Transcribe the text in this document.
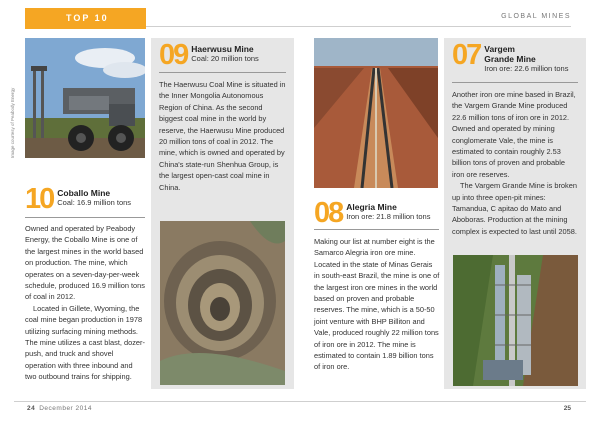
TOP 10	GLOBAL MINES
Image courtesy of Peabody Energy
10 Coballo Mine
Coal: 16.9 million tons

Owned and operated by Peabody Energy, the Coballo Mine is one of the largest mines in the world based on production. The mine, which operates on a seven-day-per-week schedule, produced 16.9 million tons of coal in 2012.

Located in Gillete, Wyoming, the coal mine began production in 1978 utilizing surfacing mining methods. The mine utilizes a cast blast, dozer-push, and truck and shovel operation with three inbound and two outbound trains for shipping.

09 Haerwusu Mine
Coal: 20 million tons

The Haerwusu Coal Mine is situated in the Inner Mongolia Autonomous Region of China. As the second biggest coal mine in the world by reserve, the Haerwusu Mine produced 20 million tons of coal in 2012. The mine, which is owned and operated by China's state-run Shenhua Group, is the largest open-cast coal mine in China.

08 Alegria Mine
Iron ore: 21.8 million tons

Making our list at number eight is the Samarco Alegria iron ore mine. Located in the state of Minas Gerais in south-east Brazil, the mine is one of the largest iron ore mines in the world based on proven and probable reserves. The mine, which is a 50-50 joint venture with BHP Billiton and Vale, produced roughly 22 million tons of iron ore in 2012. The mine is estimated to contain 1.89 billion tons of iron ore.

07 Vargem Grande Mine
Iron ore: 22.6 million tons

Another iron ore mine based in Brazil, the Vargem Grande Mine produced 22.6 million tons of iron ore in 2012. Owned and operated by mining conglomerate Vale, the mine is estimated to contain roughly 2.53 billion tons of proven and probable iron ore reserves.

The Vargem Grande Mine is broken up into three open-pit mines: Tamandua, C apitao do Mato and Aboboras. Production at the mining complex is expected to last until 2058.

24 December 2014	25
